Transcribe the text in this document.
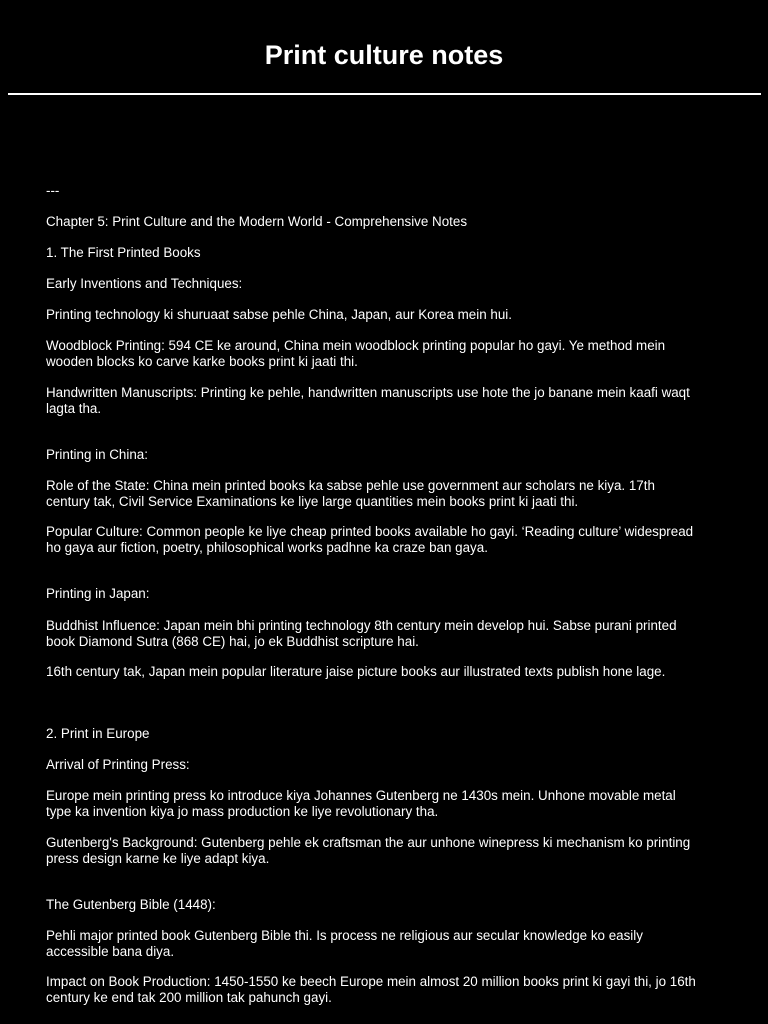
Print culture notes

---

Chapter 5: Print Culture and the Modern World - Comprehensive Notes

1. The First Printed Books

Early Inventions and Techniques:

Printing technology ki shuruaat sabse pehle China, Japan, aur Korea mein hui.

Woodblock Printing: 594 CE ke around, China mein woodblock printing popular ho gayi. Ye method mein

wooden blocks ko carve karke books print ki jaati thi.

Handwritten Manuscripts: Printing ke pehle, handwritten manuscripts use hote the jo banane mein kaafi waqt

lagta tha.

Printing in China:

Role of the State: China mein printed books ka sabse pehle use government aur scholars ne kiya. 17th

century tak, Civil Service Examinations ke liye large quantities mein books print ki jaati thi.

Popular Culture: Common people ke liye cheap printed books available ho gayi. ‘Reading culture’ widespread

ho gaya aur fiction, poetry, philosophical works padhne ka craze ban gaya.

Printing in Japan:

Buddhist Influence: Japan mein bhi printing technology 8th century mein develop hui. Sabse purani printed

book Diamond Sutra (868 CE) hai, jo ek Buddhist scripture hai.

16th century tak, Japan mein popular literature jaise picture books aur illustrated texts publish hone lage.

2. Print in Europe

Arrival of Printing Press:

Europe mein printing press ko introduce kiya Johannes Gutenberg ne 1430s mein. Unhone movable metal

type ka invention kiya jo mass production ke liye revolutionary tha.

Gutenberg's Background: Gutenberg pehle ek craftsman the aur unhone winepress ki mechanism ko printing

press design karne ke liye adapt kiya.

The Gutenberg Bible (1448):

Pehli major printed book Gutenberg Bible thi. Is process ne religious aur secular knowledge ko easily

accessible bana diya.

Impact on Book Production: 1450-1550 ke beech Europe mein almost 20 million books print ki gayi thi, jo 16th

century ke end tak 200 million tak pahunch gayi.
